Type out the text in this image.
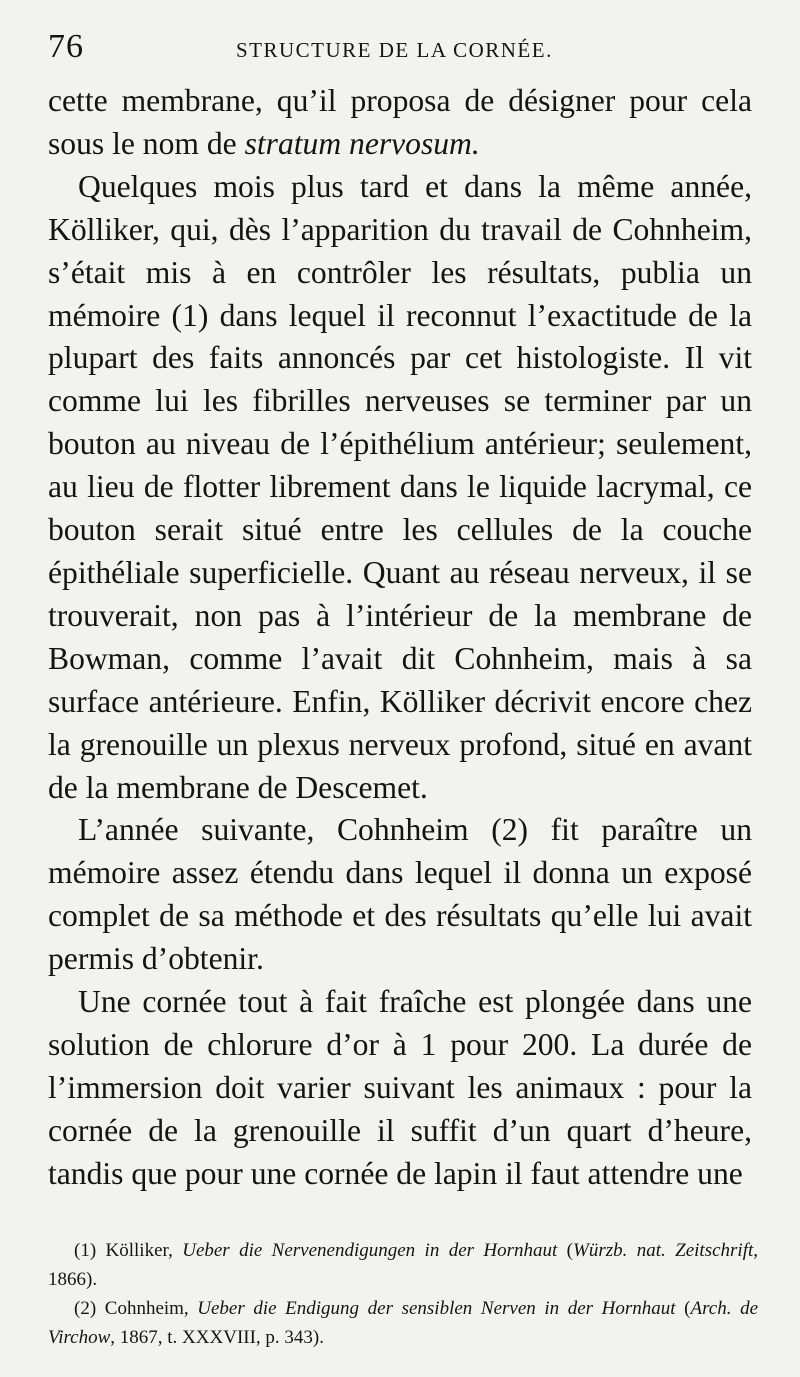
76	STRUCTURE DE LA CORNÉE.

cette membrane, qu’il proposa de désigner pour cela sous le nom de stratum nervosum.

Quelques mois plus tard et dans la même année, Kölliker, qui, dès l’apparition du travail de Cohnheim, s’était mis à en contrôler les résultats, publia un mémoire (1) dans lequel il reconnut l’exactitude de la plupart des faits annoncés par cet histologiste. Il vit comme lui les fibrilles nerveuses se terminer par un bouton au niveau de l’épithélium antérieur; seulement, au lieu de flotter librement dans le liquide lacrymal, ce bouton serait situé entre les cellules de la couche épithéliale superficielle. Quant au réseau nerveux, il se trouverait, non pas à l’intérieur de la membrane de Bowman, comme l’avait dit Cohnheim, mais à sa surface antérieure. Enfin, Kölliker décrivit encore chez la grenouille un plexus nerveux profond, situé en avant de la membrane de Descemet.

L’année suivante, Cohnheim (2) fit paraître un mémoire assez étendu dans lequel il donna un exposé complet de sa méthode et des résultats qu’elle lui avait permis d’obtenir.

Une cornée tout à fait fraîche est plongée dans une solution de chlorure d’or à 1 pour 200. La durée de l’immersion doit varier suivant les animaux : pour la cornée de la grenouille il suffit d’un quart d’heure, tandis que pour une cornée de lapin il faut attendre une

(1) Kölliker, Ueber die Nervenendigungen in der Hornhaut (Würzb. nat. Zeitschrift, 1866).

(2) Cohnheim, Ueber die Endigung der sensiblen Nerven in der Hornhaut (Arch. de Virchow, 1867, t. XXXVIII, p. 343).
